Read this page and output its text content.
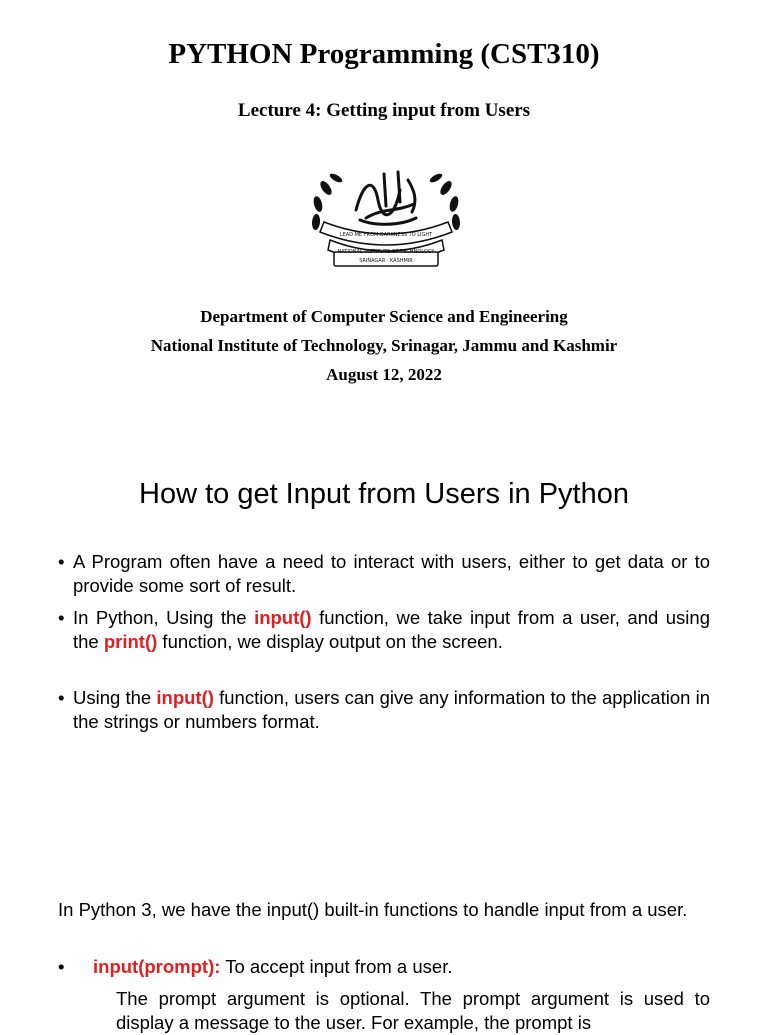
PYTHON Programming (CST310)
Lecture 4: Getting input from Users
LEAD ME FROM DARKNESS TO LIGHT
NATIONAL INSTITUTE OF TECHNOLOGY
SRINAGAR · KASHMIR
Department of Computer Science and Engineering
National Institute of Technology, Srinagar, Jammu and Kashmir
August 12, 2022
How to get Input from Users in Python
• A Program often have a need to interact with users, either to get data or to provide some sort of result.
• In Python, Using the input() function, we take input from a user, and using the print() function, we display output on the screen.
• Using the input() function, users can give any information to the application in the strings or numbers format.
In Python 3, we have the input() built-in functions to handle input from a user.
• input(prompt): To accept input from a user.
The prompt argument is optional. The prompt argument is used to display a message to the user. For example, the prompt is
